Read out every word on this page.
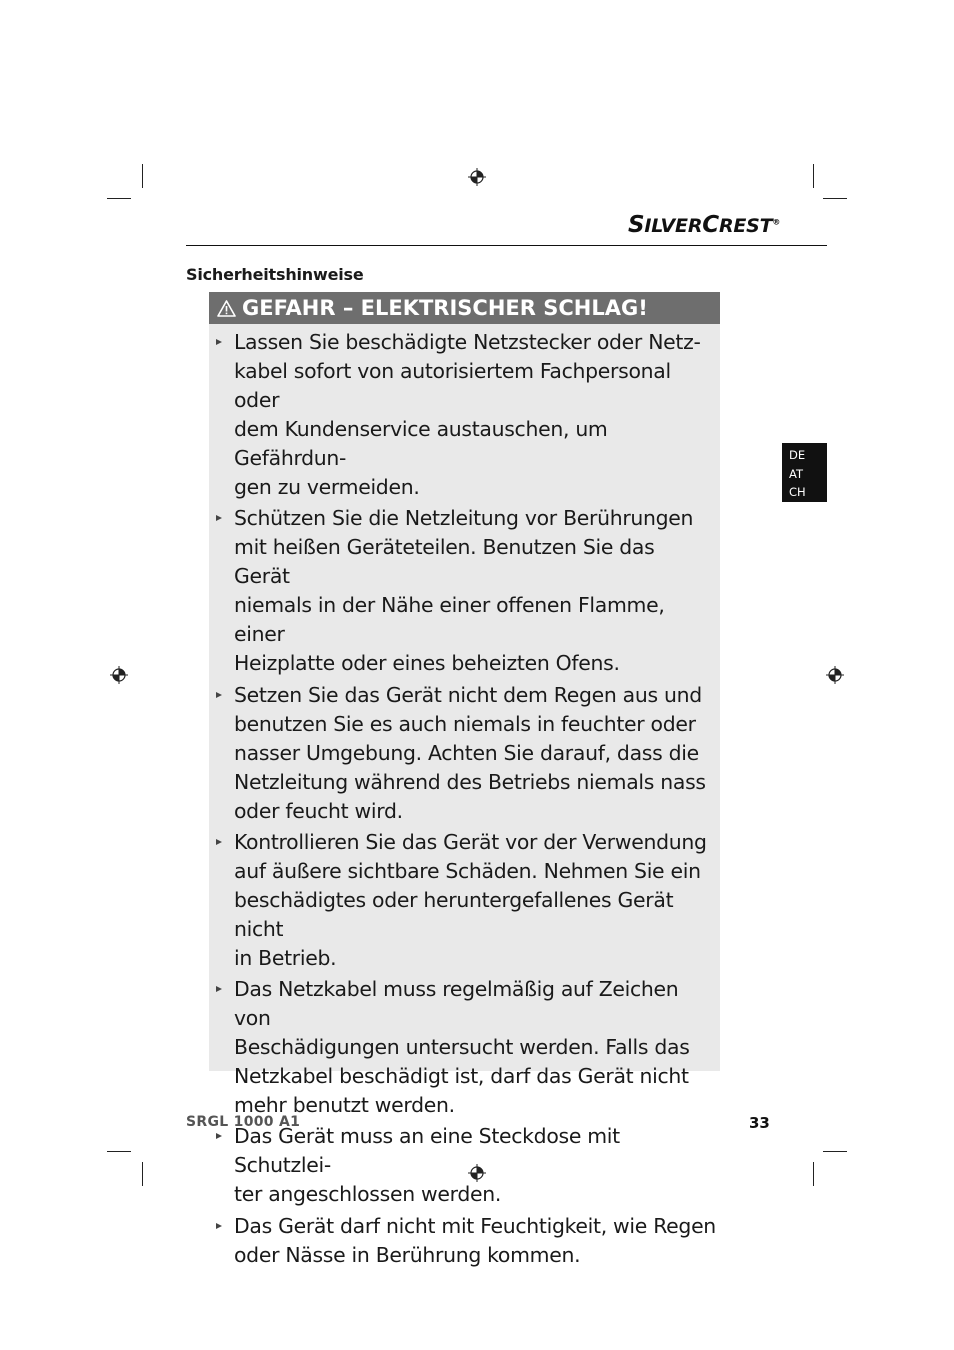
SILVERCREST®
Sicherheitshinweise
GEFAHR – ELEKTRISCHER SCHLAG!
Lassen Sie beschädigte Netzstecker oder Netz-
kabel sofort von autorisiertem Fachpersonal oder
dem Kundenservice austauschen, um Gefährdun-
gen zu vermeiden.
Schützen Sie die Netzleitung vor Berührungen
mit heißen Geräteteilen. Benutzen Sie das Gerät
niemals in der Nähe einer offenen Flamme, einer
Heizplatte oder eines beheizten Ofens.
Setzen Sie das Gerät nicht dem Regen aus und
benutzen Sie es auch niemals in feuchter oder
nasser Umgebung. Achten Sie darauf, dass die
Netzleitung während des Betriebs niemals nass
oder feucht wird.
Kontrollieren Sie das Gerät vor der Verwendung
auf äußere sichtbare Schäden. Nehmen Sie ein
beschädigtes oder heruntergefallenes Gerät nicht
in Betrieb.
Das Netzkabel muss regelmäßig auf Zeichen von
Beschädigungen untersucht werden. Falls das
Netzkabel beschädigt ist, darf das Gerät nicht
mehr benutzt werden.
Das Gerät muss an eine Steckdose mit Schutzlei-
ter angeschlossen werden.
Das Gerät darf nicht mit Feuchtigkeit, wie Regen
oder Nässe in Berührung kommen.
DE
AT
CH
SRGL 1000 A1	33
